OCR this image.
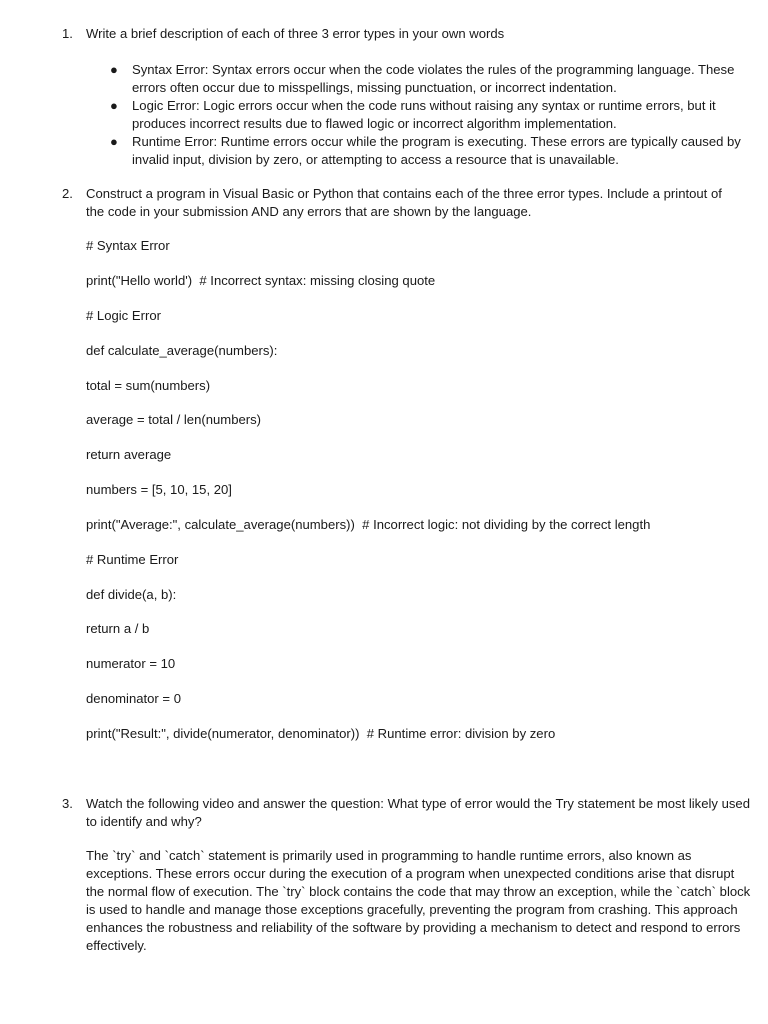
1. Write a brief description of each of three 3 error types in your own words
● Syntax Error: Syntax errors occur when the code violates the rules of the programming language. These errors often occur due to misspellings, missing punctuation, or incorrect indentation.
● Logic Error: Logic errors occur when the code runs without raising any syntax or runtime errors, but it produces incorrect results due to flawed logic or incorrect algorithm implementation.
● Runtime Error: Runtime errors occur while the program is executing. These errors are typically caused by invalid input, division by zero, or attempting to access a resource that is unavailable.
2. Construct a program in Visual Basic or Python that contains each of the three error types. Include a printout of the code in your submission AND any errors that are shown by the language.
# Syntax Error
print("Hello world')  # Incorrect syntax: missing closing quote
# Logic Error
def calculate_average(numbers):
total = sum(numbers)
average = total / len(numbers)
return average
numbers = [5, 10, 15, 20]
print("Average:", calculate_average(numbers))  # Incorrect logic: not dividing by the correct length
# Runtime Error
def divide(a, b):
return a / b
numerator = 10
denominator = 0
print("Result:", divide(numerator, denominator))  # Runtime error: division by zero
3. Watch the following video and answer the question: What type of error would the Try statement be most likely used to identify and why?
The `try` and `catch` statement is primarily used in programming to handle runtime errors, also known as exceptions. These errors occur during the execution of a program when unexpected conditions arise that disrupt the normal flow of execution. The `try` block contains the code that may throw an exception, while the `catch` block is used to handle and manage those exceptions gracefully, preventing the program from crashing. This approach enhances the robustness and reliability of the software by providing a mechanism to detect and respond to errors effectively.
